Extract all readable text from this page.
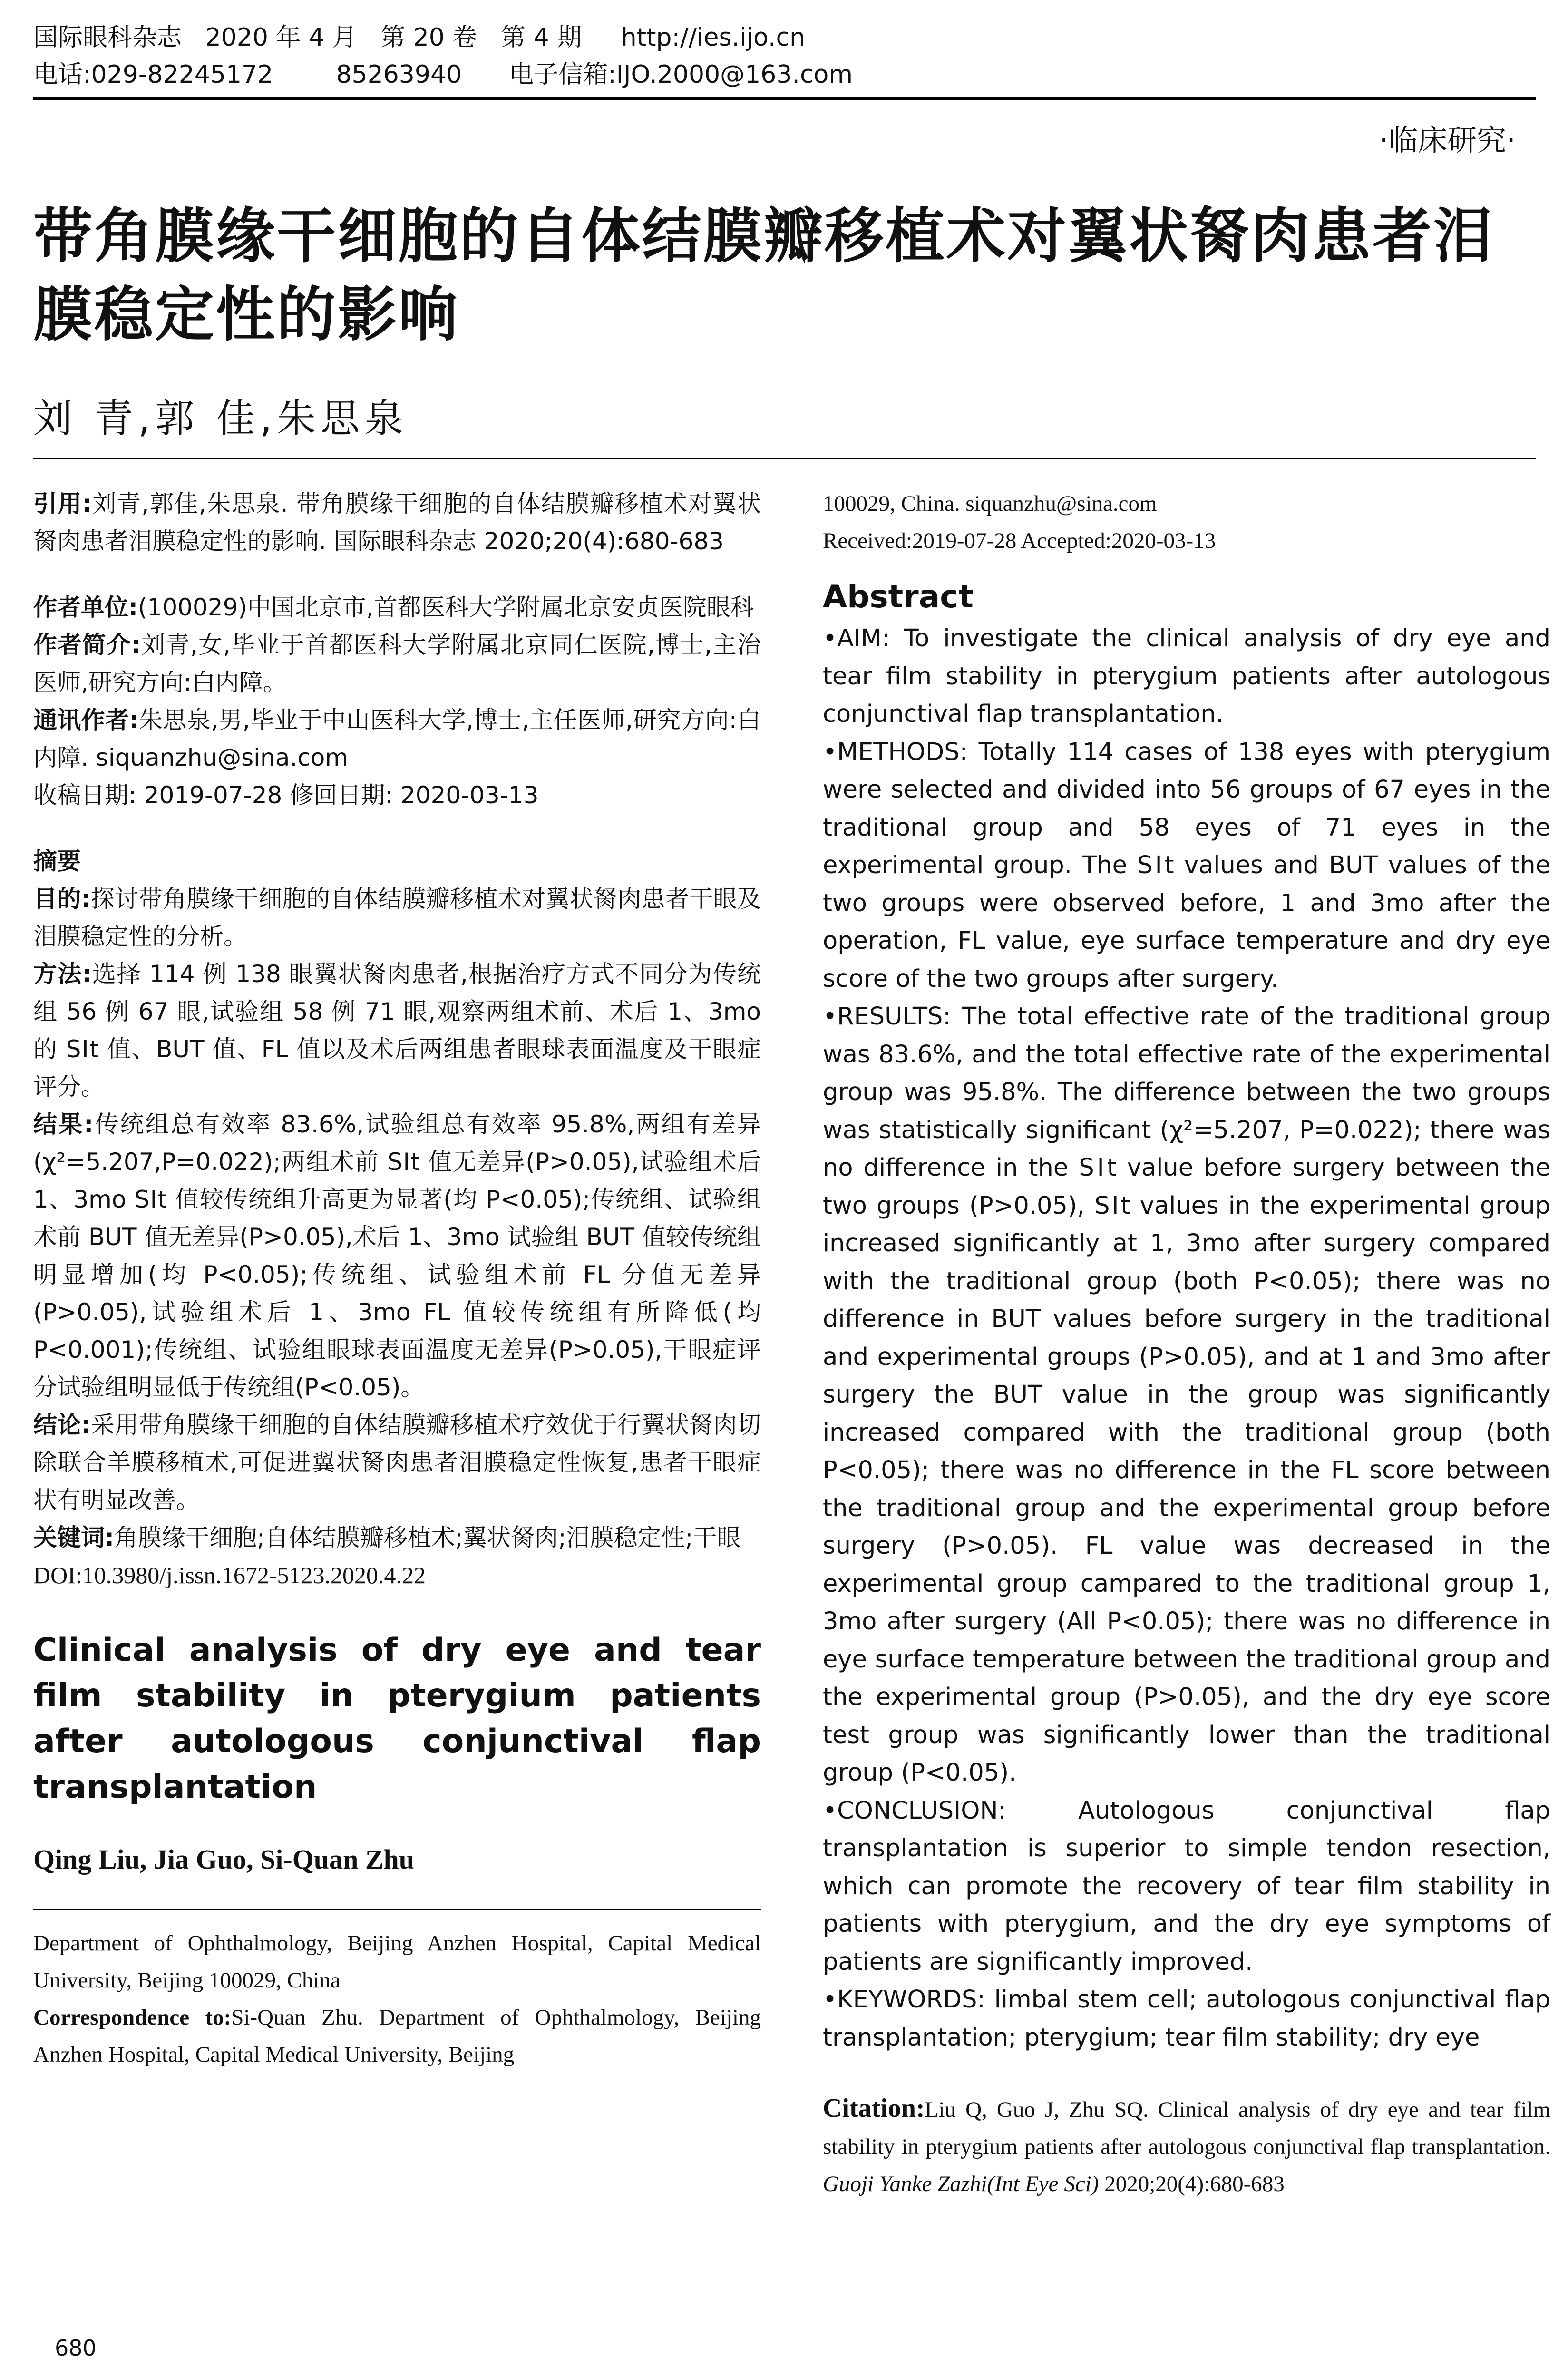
国际眼科杂志   2020 年 4 月   第 20 卷   第 4 期     http://ies.ijo.cn
电话:029-82245172        85263940      电子信箱:IJO.2000@163.com
·临床研究·
带角膜缘干细胞的自体结膜瓣移植术对翼状胬肉患者泪膜稳定性的影响
刘 青,郭 佳,朱思泉

引用:刘青,郭佳,朱思泉. 带角膜缘干细胞的自体结膜瓣移植术对翼状胬肉患者泪膜稳定性的影响. 国际眼科杂志 2020;20(4):680-683

作者单位:(100029)中国北京市,首都医科大学附属北京安贞医院眼科

作者简介:刘青,女,毕业于首都医科大学附属北京同仁医院,博士,主治医师,研究方向:白内障。

通讯作者:朱思泉,男,毕业于中山医科大学,博士,主任医师,研究方向:白内障. siquanzhu@sina.com

收稿日期: 2019-07-28 修回日期: 2020-03-13

摘要

目的:探讨带角膜缘干细胞的自体结膜瓣移植术对翼状胬肉患者干眼及泪膜稳定性的分析。

方法:选择 114 例 138 眼翼状胬肉患者,根据治疗方式不同分为传统组 56 例 67 眼,试验组 58 例 71 眼,观察两组术前、术后 1、3mo 的 SⅠt 值、BUT 值、FL 值以及术后两组患者眼球表面温度及干眼症评分。

结果:传统组总有效率 83.6%,试验组总有效率 95.8%,两组有差异(χ²=5.207,P=0.022);两组术前 SⅠt 值无差异(P>0.05),试验组术后 1、3mo SⅠt 值较传统组升高更为显著(均 P<0.05);传统组、试验组术前 BUT 值无差异(P>0.05),术后 1、3mo 试验组 BUT 值较传统组明显增加(均 P<0.05);传统组、试验组术前 FL 分值无差异(P>0.05),试验组术后 1、3mo FL 值较传统组有所降低(均P<0.001);传统组、试验组眼球表面温度无差异(P>0.05),干眼症评分试验组明显低于传统组(P<0.05)。

结论:采用带角膜缘干细胞的自体结膜瓣移植术疗效优于行翼状胬肉切除联合羊膜移植术,可促进翼状胬肉患者泪膜稳定性恢复,患者干眼症状有明显改善。

关键词:角膜缘干细胞;自体结膜瓣移植术;翼状胬肉;泪膜稳定性;干眼

DOI:10.3980/j.issn.1672-5123.2020.4.22

Clinical analysis of dry eye and tear film stability in pterygium patients after autologous conjunctival flap transplantation
Qing Liu, Jia Guo, Si-Quan Zhu

Department of Ophthalmology, Beijing Anzhen Hospital, Capital Medical University, Beijing 100029, China

Correspondence to:Si-Quan Zhu. Department of Ophthalmology, Beijing Anzhen Hospital, Capital Medical University, Beijing

100029, China. siquanzhu@sina.com

Received:2019-07-28 Accepted:2020-03-13

Abstract

•AIM: To investigate the clinical analysis of dry eye and tear film stability in pterygium patients after autologous conjunctival flap transplantation.

•METHODS: Totally 114 cases of 138 eyes with pterygium were selected and divided into 56 groups of 67 eyes in the traditional group and 58 eyes of 71 eyes in the experimental group. The SⅠt values and BUT values of the two groups were observed before, 1 and 3mo after the operation, FL value, eye surface temperature and dry eye score of the two groups after surgery.

•RESULTS: The total effective rate of the traditional group was 83.6%, and the total effective rate of the experimental group was 95.8%. The difference between the two groups was statistically significant (χ²=5.207, P=0.022); there was no difference in the SⅠt value before surgery between the two groups (P>0.05), SⅠt values in the experimental group increased significantly at 1, 3mo after surgery compared with the traditional group (both P<0.05); there was no difference in BUT values before surgery in the traditional and experimental groups (P>0.05), and at 1 and 3mo after surgery the BUT value in the group was significantly increased compared with the traditional group (both P<0.05); there was no difference in the FL score between the traditional group and the experimental group before surgery (P>0.05). FL value was decreased in the experimental group campared to the traditional group 1, 3mo after surgery (All P<0.05); there was no difference in eye surface temperature between the traditional group and the experimental group (P>0.05), and the dry eye score test group was significantly lower than the traditional group (P<0.05).

•CONCLUSION: Autologous conjunctival flap transplantation is superior to simple tendon resection, which can promote the recovery of tear film stability in patients with pterygium, and the dry eye symptoms of patients are significantly improved.

•KEYWORDS: limbal stem cell; autologous conjunctival flap transplantation; pterygium; tear film stability; dry eye

Citation:Liu Q, Guo J, Zhu SQ. Clinical analysis of dry eye and tear film stability in pterygium patients after autologous conjunctival flap transplantation. Guoji Yanke Zazhi(Int Eye Sci) 2020;20(4):680-683

680
